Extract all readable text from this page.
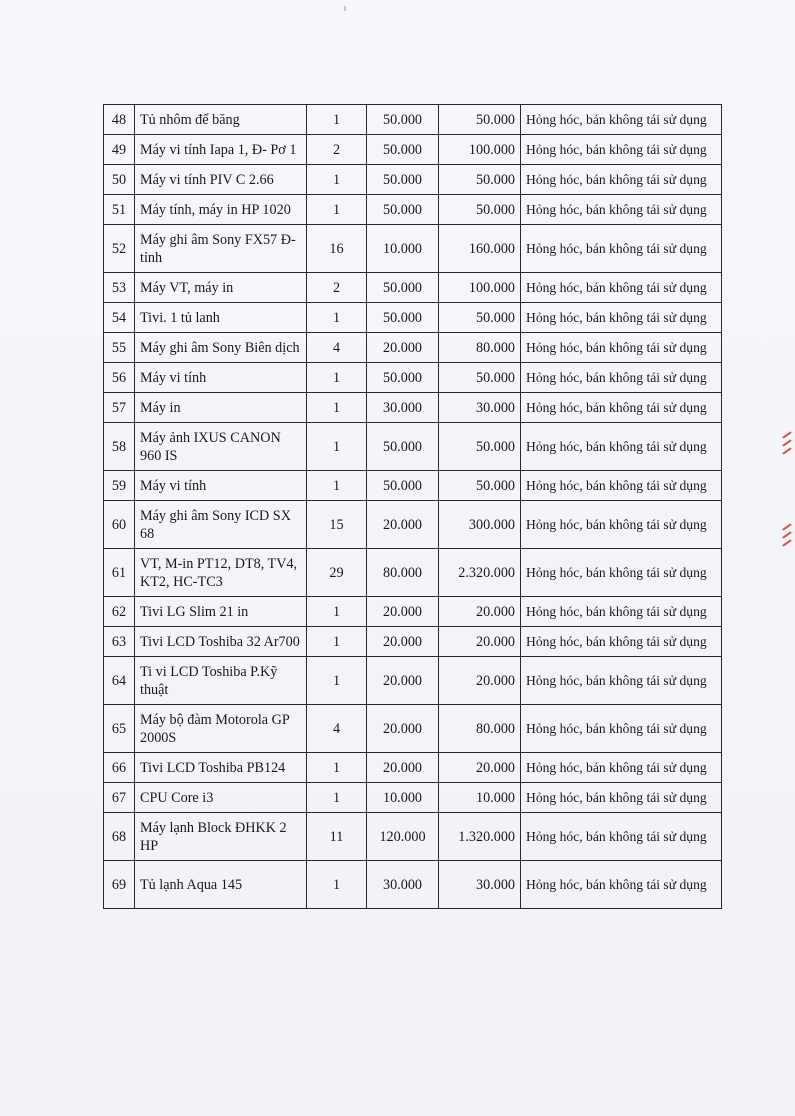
48	Tủ nhôm để băng	1	50.000	50.000	Hỏng hóc, bán không tái sử dụng
49	Máy vi tính Iapa 1, Đ- Pơ 1	2	50.000	100.000	Hỏng hóc, bán không tái sử dụng
50	Máy vi tính PIV C 2.66	1	50.000	50.000	Hỏng hóc, bán không tái sử dụng
51	Máy tính, máy in HP 1020	1	50.000	50.000	Hỏng hóc, bán không tái sử dụng
52	Máy ghi âm Sony FX57 Đ- tỉnh	16	10.000	160.000	Hỏng hóc, bán không tái sử dụng
53	Máy VT, máy in	2	50.000	100.000	Hỏng hóc, bán không tái sử dụng
54	Tivi. 1 tủ lanh	1	50.000	50.000	Hỏng hóc, bán không tái sử dụng
55	Máy ghi âm Sony Biên dịch	4	20.000	80.000	Hỏng hóc, bán không tái sử dụng
56	Máy vi tính	1	50.000	50.000	Hỏng hóc, bán không tái sử dụng
57	Máy in	1	30.000	30.000	Hỏng hóc, bán không tái sử dụng
58	Máy ảnh IXUS CANON 960 IS	1	50.000	50.000	Hỏng hóc, bán không tái sử dụng
59	Máy vi tính	1	50.000	50.000	Hỏng hóc, bán không tái sử dụng
60	Máy ghi âm Sony ICD SX 68	15	20.000	300.000	Hỏng hóc, bán không tái sử dụng
61	VT, M-in PT12, DT8, TV4, KT2, HC-TC3	29	80.000	2.320.000	Hỏng hóc, bán không tái sử dụng
62	Tivi LG Slim 21 in	1	20.000	20.000	Hỏng hóc, bán không tái sử dụng
63	Tivi LCD Toshiba 32 Ar700	1	20.000	20.000	Hỏng hóc, bán không tái sử dụng
64	Ti vi LCD Toshiba P.Kỹ thuật	1	20.000	20.000	Hỏng hóc, bán không tái sử dụng
65	Máy bộ đàm Motorola GP 2000S	4	20.000	80.000	Hỏng hóc, bán không tái sử dụng
66	Tivi LCD Toshiba PB124	1	20.000	20.000	Hỏng hóc, bán không tái sử dụng
67	CPU Core i3	1	10.000	10.000	Hỏng hóc, bán không tái sử dụng
68	Máy lạnh Block ĐHKK 2 HP	11	120.000	1.320.000	Hỏng hóc, bán không tái sử dụng
69	Tủ lạnh Aqua 145	1	30.000	30.000	Hỏng hóc, bán không tái sử dụng
